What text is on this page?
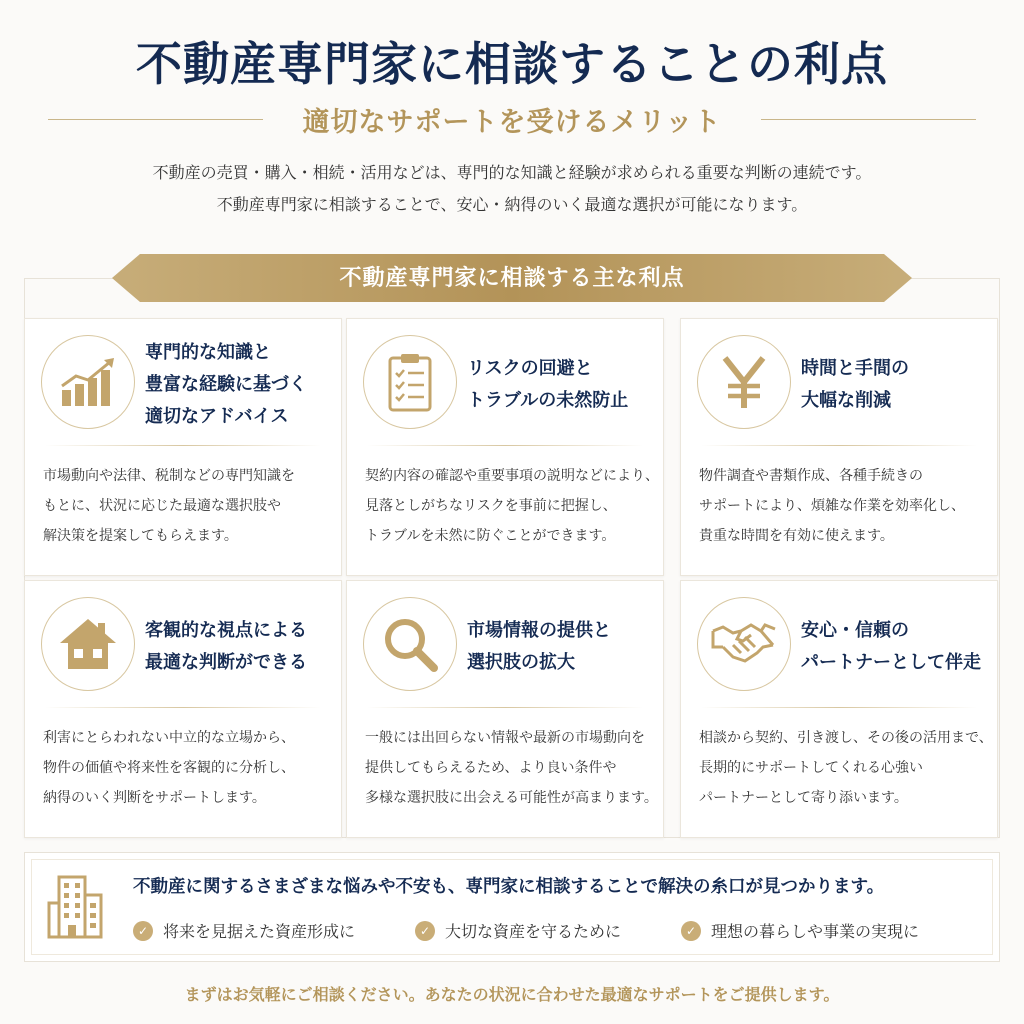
不動産専門家に相談することの利点
適切なサポートを受けるメリット
不動産の売買・購入・相続・活用などは、専門的な知識と経験が求められる重要な判断の連続です。
不動産専門家に相談することで、安心・納得のいく最適な選択が可能になります。
不動産専門家に相談する主な利点
専門的な知識と
豊富な経験に基づく
適切なアドバイス
市場動向や法律、税制などの専門知識を
もとに、状況に応じた最適な選択肢や
解決策を提案してもらえます。
リスクの回避と
トラブルの未然防止
契約内容の確認や重要事項の説明などにより、
見落としがちなリスクを事前に把握し、
トラブルを未然に防ぐことができます。
時間と手間の
大幅な削減
物件調査や書類作成、各種手続きの
サポートにより、煩雑な作業を効率化し、
貴重な時間を有効に使えます。
客観的な視点による
最適な判断ができる
利害にとらわれない中立的な立場から、
物件の価値や将来性を客観的に分析し、
納得のいく判断をサポートします。
市場情報の提供と
選択肢の拡大
一般には出回らない情報や最新の市場動向を
提供してもらえるため、より良い条件や
多様な選択肢に出会える可能性が高まります。
安心・信頼の
パートナーとして伴走
相談から契約、引き渡し、その後の活用まで、
長期的にサポートしてくれる心強い
パートナーとして寄り添います。
不動産に関するさまざまな悩みや不安も、専門家に相談することで解決の糸口が見つかります。
✓ 将来を見据えた資産形成に	✓ 大切な資産を守るために	✓ 理想の暮らしや事業の実現に
まずはお気軽にご相談ください。あなたの状況に合わせた最適なサポートをご提供します。
